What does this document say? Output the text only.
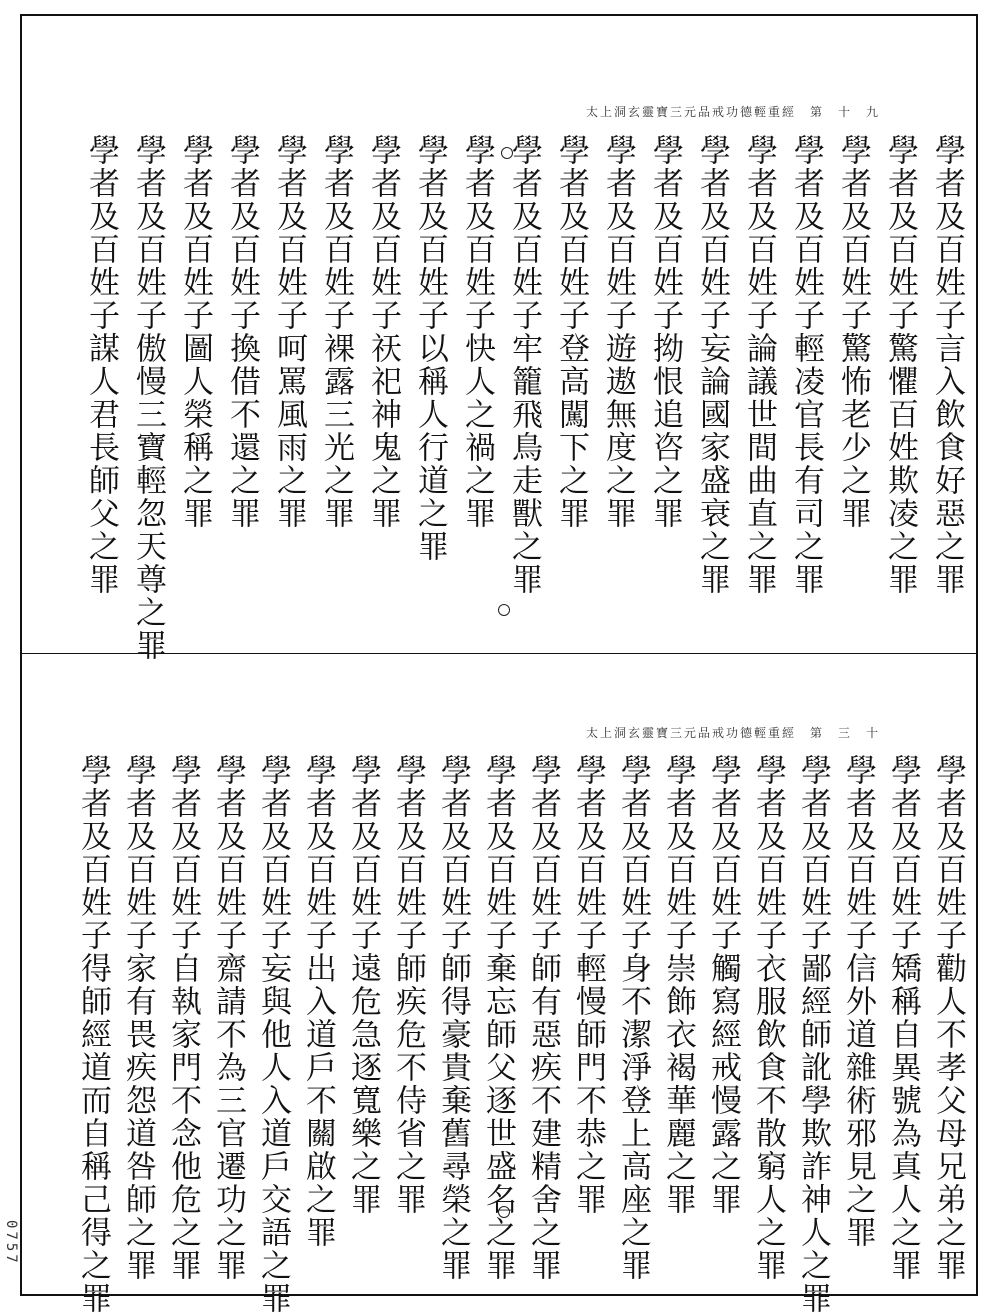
太上洞玄靈寶三元品戒功德輕重經　第　十　九
學者及百姓子言入飲食好惡之罪
學者及百姓子驚懼百姓欺凌之罪
學者及百姓子驚怖老少之罪
學者及百姓子輕凌官長有司之罪
學者及百姓子論議世間曲直之罪
學者及百姓子妄論國家盛衰之罪
學者及百姓子拗恨追咨之罪
學者及百姓子遊遨無度之罪
學者及百姓子登高闖下之罪
學者及百姓子牢籠飛鳥走獸之罪
學者及百姓子快人之禍之罪
學者及百姓子以稱人行道之罪
學者及百姓子祆祀神鬼之罪
學者及百姓子裸露三光之罪
學者及百姓子呵罵風雨之罪
學者及百姓子換借不還之罪
學者及百姓子圖人榮稱之罪
學者及百姓子傲慢三寶輕忽天尊之罪
學者及百姓子謀人君長師父之罪
太上洞玄靈寶三元品戒功德輕重經　第　三　十
學者及百姓子勸人不孝父母兄弟之罪
學者及百姓子矯稱自異號為真人之罪
學者及百姓子信外道雜術邪見之罪
學者及百姓子鄙經師訛學欺詐神人之罪
學者及百姓子衣服飲食不散窮人之罪
學者及百姓子觸寫經戒慢露之罪
學者及百姓子崇飾衣褐華麗之罪
學者及百姓子身不潔淨登上高座之罪
學者及百姓子輕慢師門不恭之罪
學者及百姓子師有惡疾不建精舍之罪
學者及百姓子棄忘師父逐世盛名之罪
學者及百姓子師得豪貴棄舊尋榮之罪
學者及百姓子師疾危不侍省之罪
學者及百姓子遠危急逐寬樂之罪
學者及百姓子出入道戶不關啟之罪
學者及百姓子妄與他人入道戶交語之罪
學者及百姓子齋請不為三官遷功之罪
學者及百姓子自執家門不念他危之罪
學者及百姓子家有畏疾怨道咎師之罪
學者及百姓子得師經道而自稱己得之罪
0757
